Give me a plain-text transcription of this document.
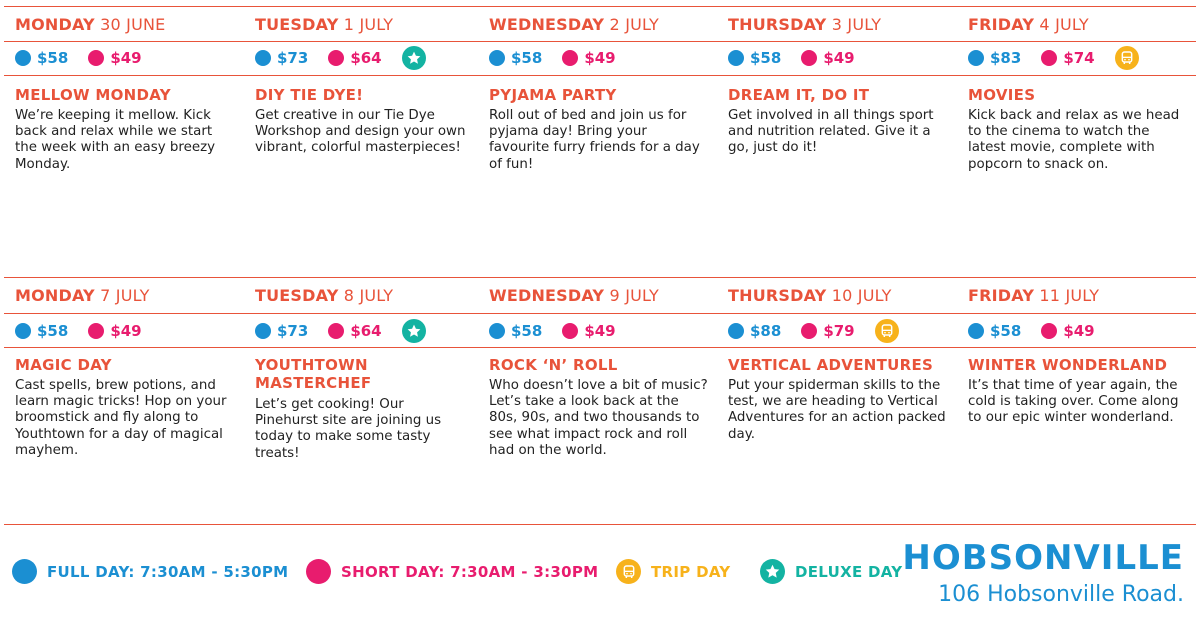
MONDAY 30 JUNE
$58	$49
MELLOW MONDAY
We’re keeping it mellow. Kick back and relax while we start the week with an easy breezy Monday.
TUESDAY 1 JULY
$73	$64
DIY TIE DYE!
Get creative in our Tie Dye Workshop and design your own vibrant, colorful masterpieces!
WEDNESDAY 2 JULY
$58	$49
PYJAMA PARTY
Roll out of bed and join us for pyjama day! Bring your favourite furry friends for a day of fun!
THURSDAY 3 JULY
$58	$49
DREAM IT, DO IT
Get involved in all things sport and nutrition related. Give it a go, just do it!
FRIDAY 4 JULY
$83	$74
MOVIES
Kick back and relax as we head to the cinema to watch the latest movie, complete with popcorn to snack on.
MONDAY 7 JULY
$58	$49
MAGIC DAY
Cast spells, brew potions, and learn magic tricks! Hop on your broomstick and fly along to Youthtown for a day of magical mayhem.
TUESDAY 8 JULY
$73	$64
YOUTHTOWN MASTERCHEF
Let’s get cooking! Our Pinehurst site are joining us today to make some tasty treats!
WEDNESDAY 9 JULY
$58	$49
ROCK ‘N’ ROLL
Who doesn’t love a bit of music? Let’s take a look back at the 80s, 90s, and two thousands to see what impact rock and roll had on the world.
THURSDAY 10 JULY
$88	$79
VERTICAL ADVENTURES
Put your spiderman skills to the test, we are heading to Vertical Adventures for an action packed day.
FRIDAY 11 JULY
$58	$49
WINTER WONDERLAND
It’s that time of year again, the cold is taking over. Come along to our epic winter wonderland.
FULL DAY: 7:30AM - 5:30PM	SHORT DAY: 7:30AM - 3:30PM	TRIP DAY	DELUXE DAY HOBSONVILLE
106 Hobsonville Road.
